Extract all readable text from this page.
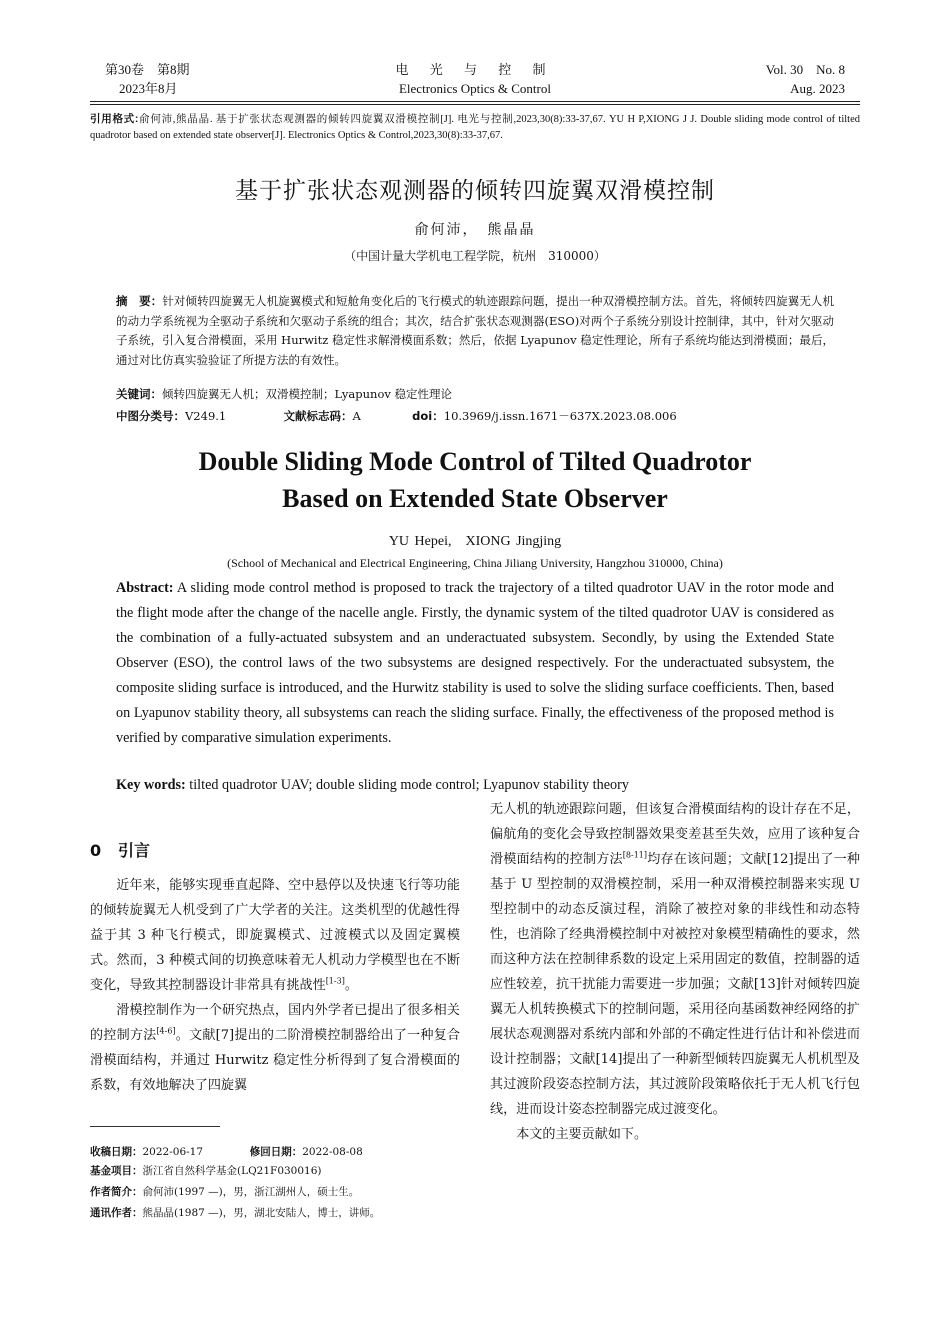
第30卷　第8期
2023年8月
电 光 与 控 制
Electronics Optics & Control
Vol. 30　No. 8
Aug. 2023
引用格式:俞何沛,熊晶晶. 基于扩张状态观测器的倾转四旋翼双滑模控制[J]. 电光与控制,2023,30(8):33-37,67. YU H P,XIONG J J. Double sliding mode control of tilted quadrotor based on extended state observer[J]. Electronics Optics & Control,2023,30(8):33-37,67.
基于扩张状态观测器的倾转四旋翼双滑模控制
俞何沛，　熊晶晶
（中国计量大学机电工程学院，杭州　310000）
摘　要：针对倾转四旋翼无人机旋翼模式和短舱角变化后的飞行模式的轨迹跟踪问题，提出一种双滑模控制方法。首先，将倾转四旋翼无人机的动力学系统视为全驱动子系统和欠驱动子系统的组合；其次，结合扩张状态观测器(ESO)对两个子系统分别设计控制律，其中，针对欠驱动子系统，引入复合滑模面，采用 Hurwitz 稳定性求解滑模面系数；然后，依据 Lyapunov 稳定性理论，所有子系统均能达到滑模面；最后，通过对比仿真实验验证了所提方法的有效性。
关键词：倾转四旋翼无人机；双滑模控制；Lyapunov 稳定性理论
中图分类号：V249.1	文献标志码：A	doi：10.3969/j.issn.1671－637X.2023.08.006
Double Sliding Mode Control of Tilted Quadrotor
Based on Extended State Observer
YU Hepei,　XIONG Jingjing
(School of Mechanical and Electrical Engineering, China Jiliang University, Hangzhou 310000, China)
Abstract: A sliding mode control method is proposed to track the trajectory of a tilted quadrotor UAV in the rotor mode and the flight mode after the change of the nacelle angle. Firstly, the dynamic system of the tilted quadrotor UAV is considered as the combination of a fully-actuated subsystem and an underactuated subsystem. Secondly, by using the Extended State Observer (ESO), the control laws of the two subsystems are designed respectively. For the underactuated subsystem, the composite sliding surface is introduced, and the Hurwitz stability is used to solve the sliding surface coefficients. Then, based on Lyapunov stability theory, all subsystems can reach the sliding surface. Finally, the effectiveness of the proposed method is verified by comparative simulation experiments.
Key words: tilted quadrotor UAV; double sliding mode control; Lyapunov stability theory
0 引言

近年来，能够实现垂直起降、空中悬停以及快速飞行等功能的倾转旋翼无人机受到了广大学者的关注。这类机型的优越性得益于其 3 种飞行模式，即旋翼模式、过渡模式以及固定翼模式。然而，3 种模式间的切换意味着无人机动力学模型也在不断变化，导致其控制器设计非常具有挑战性[1-3]。

滑模控制作为一个研究热点，国内外学者已提出了很多相关的控制方法[4-6]。文献[7]提出的二阶滑模控制器给出了一种复合滑模面结构，并通过 Hurwitz 稳定性分析得到了复合滑模面的系数，有效地解决了四旋翼

收稿日期：2022-06-17	修回日期：2022-08-08
基金项目：浙江省自然科学基金(LQ21F030016)
作者简介：俞何沛(1997 —)，男，浙江湖州人，硕士生。
通讯作者：熊晶晶(1987 —)，男，湖北安陆人，博士，讲师。

无人机的轨迹跟踪问题，但该复合滑模面结构的设计存在不足，偏航角的变化会导致控制器效果变差甚至失效，应用了该种复合滑模面结构的控制方法[8-11]均存在该问题；文献[12]提出了一种基于 U 型控制的双滑模控制，采用一种双滑模控制器来实现 U 型控制中的动态反演过程，消除了被控对象的非线性和动态特性，也消除了经典滑模控制中对被控对象模型精确性的要求，然而这种方法在控制律系数的设定上采用固定的数值，控制器的适应性较差，抗干扰能力需要进一步加强；文献[13]针对倾转四旋翼无人机转换模式下的控制问题，采用径向基函数神经网络的扩展状态观测器对系统内部和外部的不确定性进行估计和补偿进而设计控制器；文献[14]提出了一种新型倾转四旋翼无人机机型及其过渡阶段姿态控制方法，其过渡阶段策略依托于无人机飞行包线，进而设计姿态控制器完成过渡变化。

本文的主要贡献如下。
